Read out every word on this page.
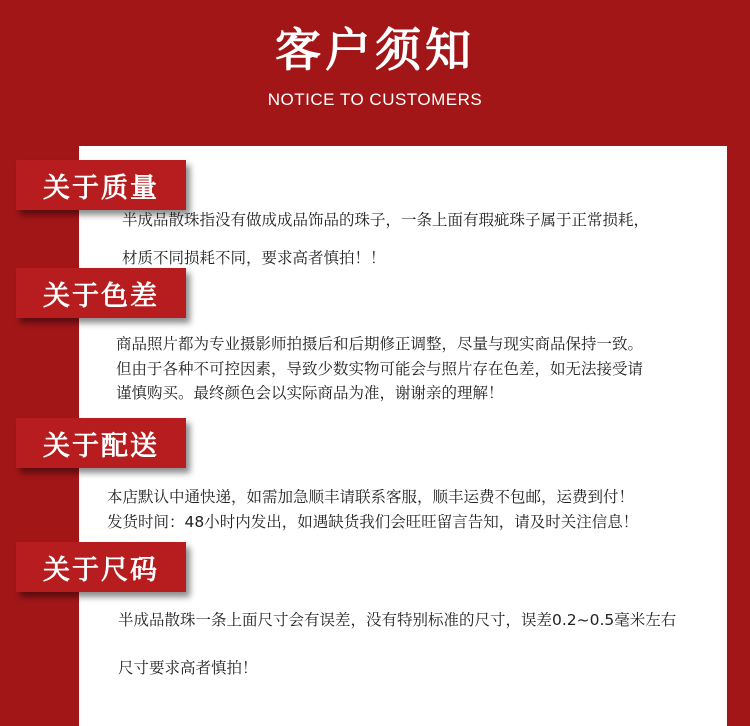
客户须知
NOTICE TO CUSTOMERS
关于质量
半成品散珠指没有做成成品饰品的珠子，一条上面有瑕疵珠子属于正常损耗，
材质不同损耗不同，要求高者慎拍！！
关于色差
商品照片都为专业摄影师拍摄后和后期修正调整，尽量与现实商品保持一致。
但由于各种不可控因素，导致少数实物可能会与照片存在色差，如无法接受请
谨慎购买。最终颜色会以实际商品为准，谢谢亲的理解！
关于配送
本店默认中通快递，如需加急顺丰请联系客服，顺丰运费不包邮，运费到付！
发货时间：48小时内发出，如遇缺货我们会旺旺留言告知，请及时关注信息！
关于尺码
半成品散珠一条上面尺寸会有误差，没有特别标准的尺寸，误差0.2~0.5毫米左右
尺寸要求高者慎拍！
